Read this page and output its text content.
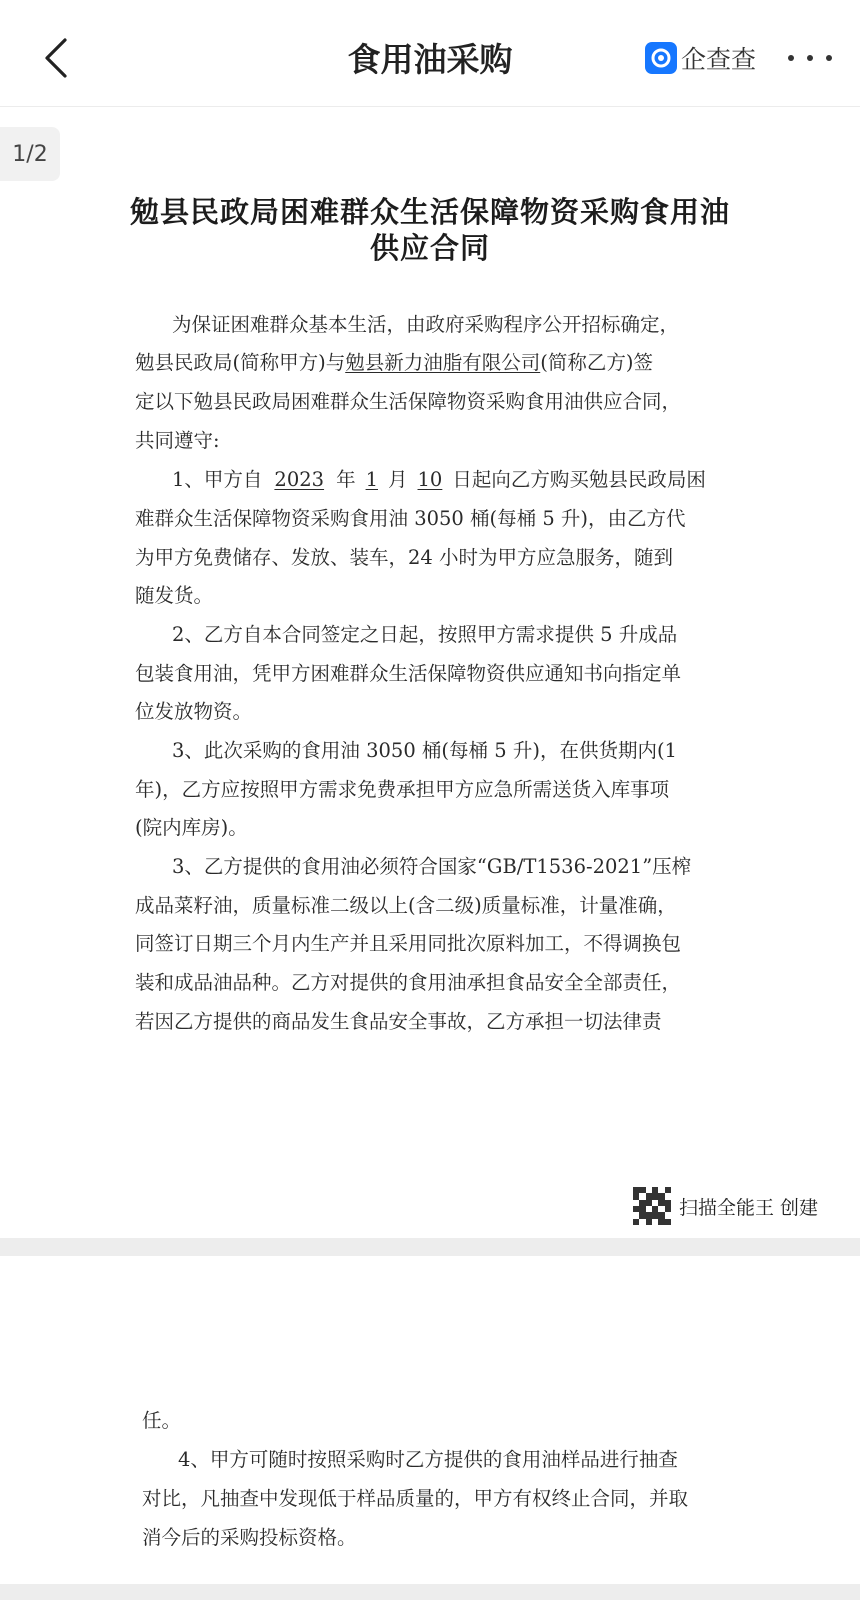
食用油采购	企查查
1/2
勉县民政局困难群众生活保障物资采购食用油
供应合同
为保证困难群众基本生活，由政府采购程序公开招标确定，
勉县民政局(简称甲方)与勉县新力油脂有限公司(简称乙方)签
定以下勉县民政局困难群众生活保障物资采购食用油供应合同，
共同遵守:
1、甲方自 2023 年 1 月 10 日起向乙方购买勉县民政局困
难群众生活保障物资采购食用油 3050 桶(每桶 5 升)，由乙方代
为甲方免费储存、发放、装车，24 小时为甲方应急服务，随到
随发货。
2、乙方自本合同签定之日起，按照甲方需求提供 5 升成品
包装食用油，凭甲方困难群众生活保障物资供应通知书向指定单
位发放物资。
3、此次采购的食用油 3050 桶(每桶 5 升)，在供货期内(1
年)，乙方应按照甲方需求免费承担甲方应急所需送货入库事项
(院内库房)。
3、乙方提供的食用油必须符合国家“GB/T1536-2021”压榨
成品菜籽油，质量标准二级以上(含二级)质量标准，计量准确，
同签订日期三个月内生产并且采用同批次原料加工，不得调换包
装和成品油品种。乙方对提供的食用油承担食品安全全部责任，
若因乙方提供的商品发生食品安全事故，乙方承担一切法律责
扫描全能王 创建
任。
4、甲方可随时按照采购时乙方提供的食用油样品进行抽查
对比，凡抽查中发现低于样品质量的，甲方有权终止合同，并取
消今后的采购投标资格。
